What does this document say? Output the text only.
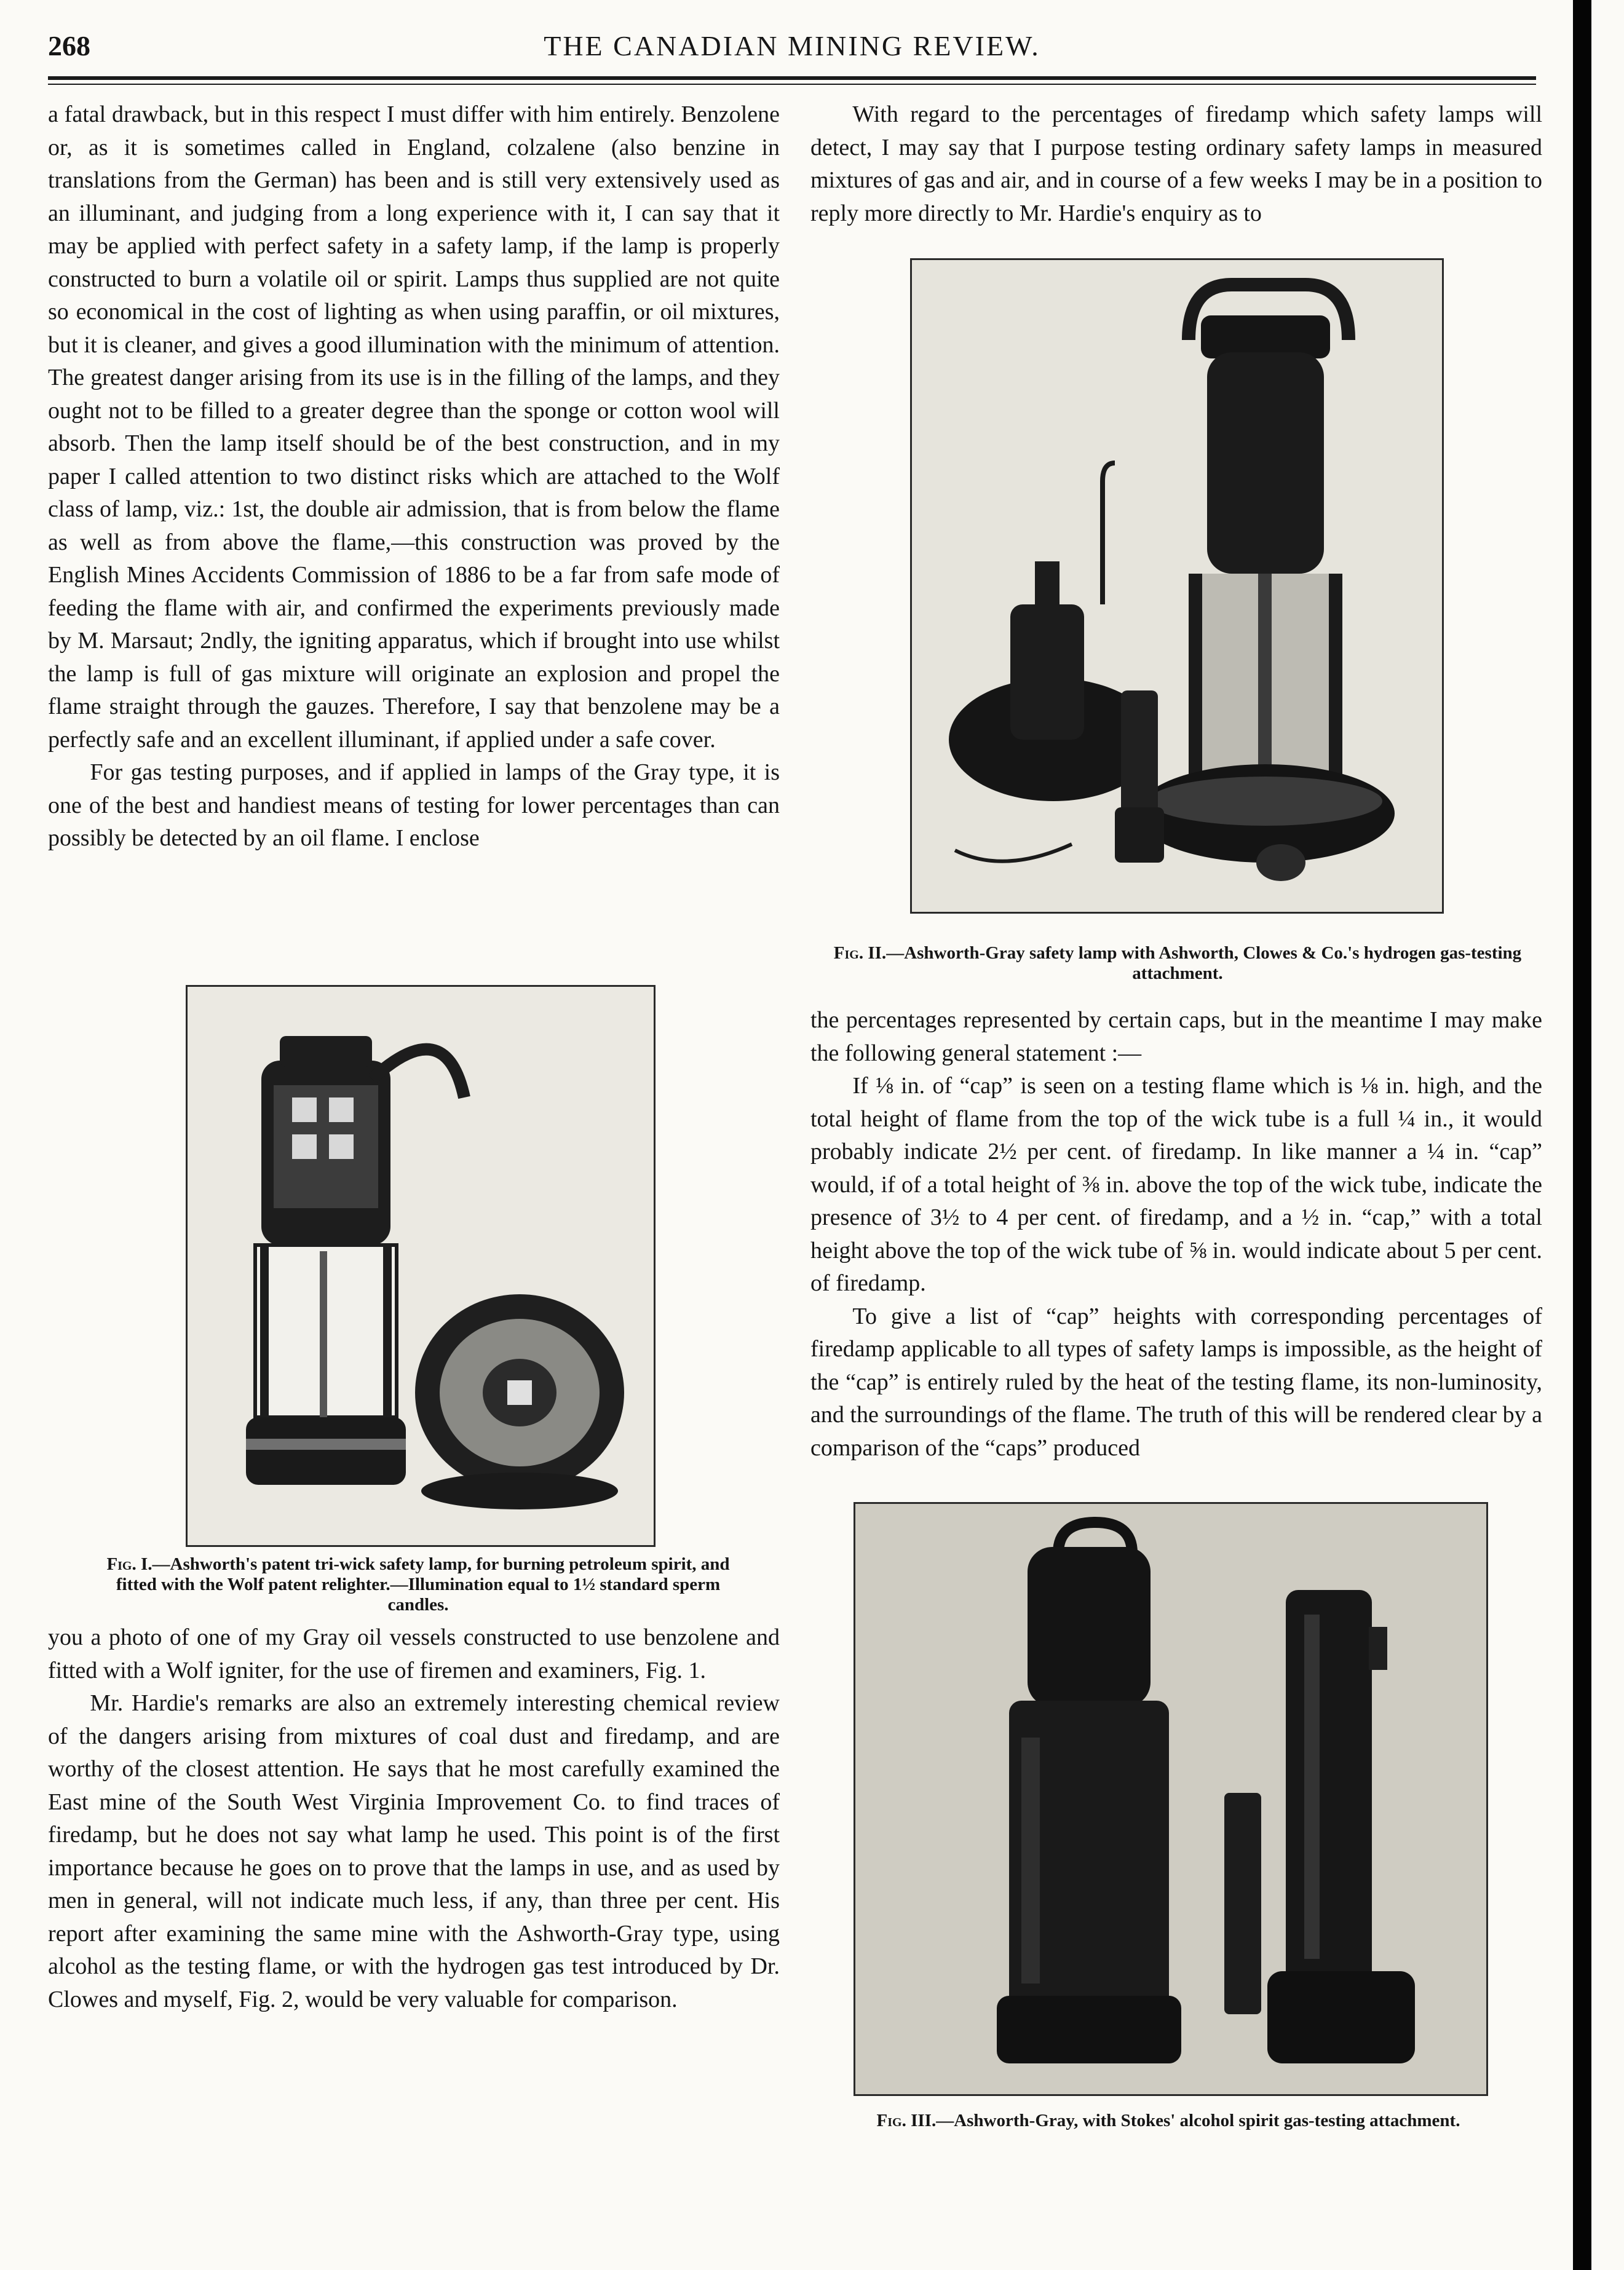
268	THE CANADIAN MINING REVIEW.

a fatal drawback, but in this respect I must differ with him entirely. Benzolene or, as it is sometimes called in England, colzalene (also benzine in translations from the German) has been and is still very extensively used as an illuminant, and judging from a long experience with it, I can say that it may be applied with perfect safety in a safety lamp, if the lamp is properly constructed to burn a volatile oil or spirit. Lamps thus supplied are not quite so economical in the cost of lighting as when using paraffin, or oil mixtures, but it is cleaner, and gives a good illumination with the minimum of attention. The greatest danger arising from its use is in the filling of the lamps, and they ought not to be filled to a greater degree than the sponge or cotton wool will absorb. Then the lamp itself should be of the best construction, and in my paper I called attention to two distinct risks which are attached to the Wolf class of lamp, viz.: 1st, the double air admission, that is from below the flame as well as from above the flame,—this construction was proved by the English Mines Accidents Commission of 1886 to be a far from safe mode of feeding the flame with air, and confirmed the experiments previously made by M. Marsaut; 2ndly, the igniting apparatus, which if brought into use whilst the lamp is full of gas mixture will originate an explosion and propel the flame straight through the gauzes. Therefore, I say that benzolene may be a perfectly safe and an excellent illuminant, if applied under a safe cover.

For gas testing purposes, and if applied in lamps of the Gray type, it is one of the best and handiest means of testing for lower percentages than can possibly be detected by an oil flame. I enclose

Fig. I.—Ashworth's patent tri-wick safety lamp, for burning petroleum spirit, and fitted with the Wolf patent relighter.—Illumination equal to 1½ standard sperm candles.

you a photo of one of my Gray oil vessels constructed to use benzolene and fitted with a Wolf igniter, for the use of firemen and examiners, Fig. 1.

Mr. Hardie's remarks are also an extremely interesting chemical review of the dangers arising from mixtures of coal dust and firedamp, and are worthy of the closest attention. He says that he most carefully examined the East mine of the South West Virginia Improvement Co. to find traces of firedamp, but he does not say what lamp he used. This point is of the first importance because he goes on to prove that the lamps in use, and as used by men in general, will not indicate much less, if any, than three per cent. His report after examining the same mine with the Ashworth-Gray type, using alcohol as the testing flame, or with the hydrogen gas test introduced by Dr. Clowes and myself, Fig. 2, would be very valuable for comparison.

With regard to the percentages of firedamp which safety lamps will detect, I may say that I purpose testing ordinary safety lamps in measured mixtures of gas and air, and in course of a few weeks I may be in a position to reply more directly to Mr. Hardie's enquiry as to

Fig. II.—Ashworth-Gray safety lamp with Ashworth, Clowes & Co.'s hydrogen gas-testing attachment.

the percentages represented by certain caps, but in the meantime I may make the following general statement :—

If ⅛ in. of “cap” is seen on a testing flame which is ⅛ in. high, and the total height of flame from the top of the wick tube is a full ¼ in., it would probably indicate 2½ per cent. of firedamp. In like manner a ¼ in. “cap” would, if of a total height of ⅜ in. above the top of the wick tube, indicate the presence of 3½ to 4 per cent. of firedamp, and a ½ in. “cap,” with a total height above the top of the wick tube of ⅝ in. would indicate about 5 per cent. of firedamp.

To give a list of “cap” heights with corresponding percentages of firedamp applicable to all types of safety lamps is impossible, as the height of the “cap” is entirely ruled by the heat of the testing flame, its non-luminosity, and the surroundings of the flame. The truth of this will be rendered clear by a comparison of the “caps” produced

Fig. III.—Ashworth-Gray, with Stokes' alcohol spirit gas-testing attachment.
